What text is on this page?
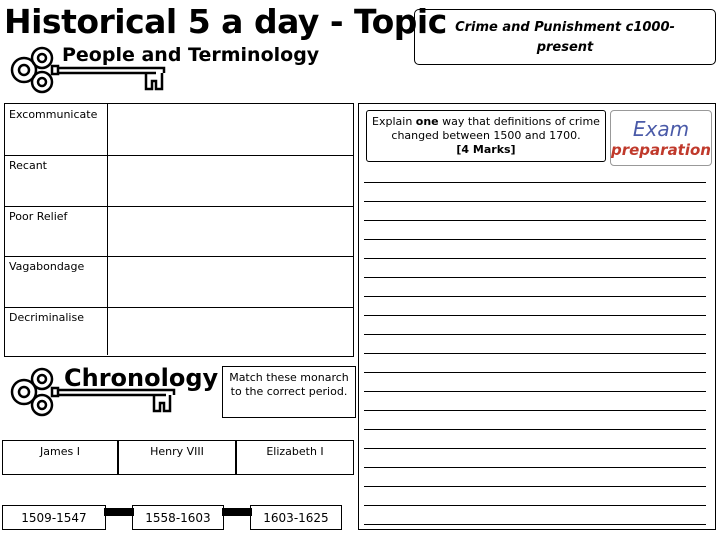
Historical 5 a day - Topic
People and Terminology
Crime and Punishment c1000-present
Excommunicate
Recant
Poor Relief
Vagabondage
Decriminalise
Explain one way that definitions of crime changed between 1500 and 1700.
[4 Marks]
Exam
preparation
Chronology	Match these monarch to the correct period.
James I	Henry VIII	Elizabeth I
1509-1547	1558-1603	1603-1625
